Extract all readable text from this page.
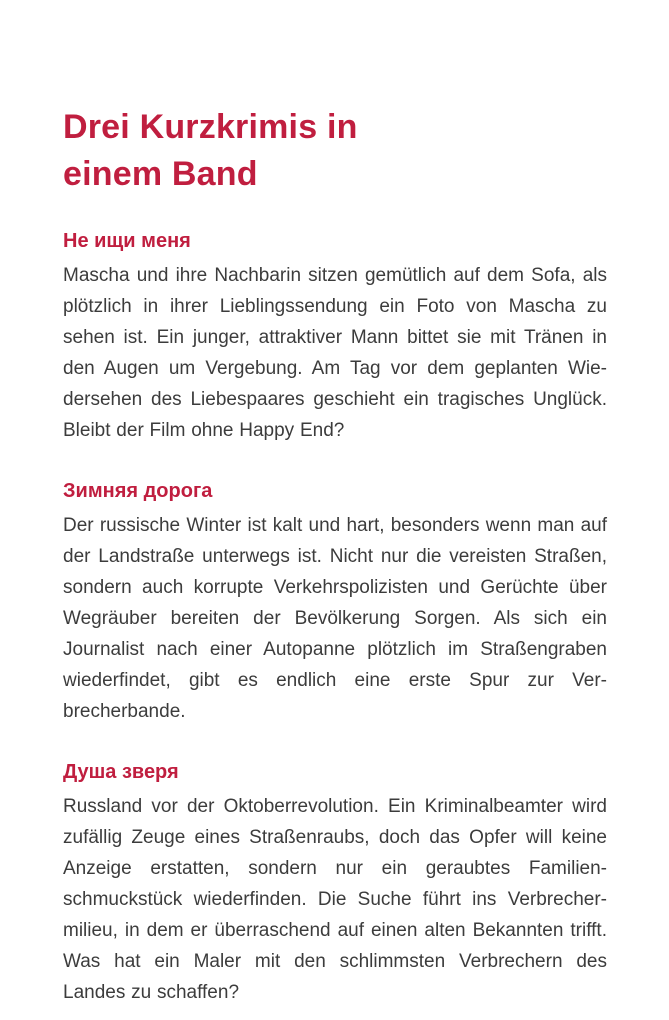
Drei Kurzkrimis in
einem Band
Не ищи меня

Mascha und ihre Nachbarin sitzen gemütlich auf dem Sofa, als plötzlich in ihrer Lieblingssendung ein Foto von Mascha zu sehen ist. Ein junger, attraktiver Mann bittet sie mit Tränen in den Augen um Vergebung. Am Tag vor dem geplanten Wiedersehen des Liebespaares geschieht ein tragisches Unglück. Bleibt der Film ohne Happy End?

Зимняя дорога

Der russische Winter ist kalt und hart, besonders wenn man auf der Landstraße unterwegs ist. Nicht nur die vereisten Straßen, sondern auch korrupte Verkehrspolizisten und Gerüchte über Wegräuber bereiten der Bevölkerung Sorgen. Als sich ein Journalist nach einer Autopanne plötzlich im Straßengraben wiederfindet, gibt es endlich eine erste Spur zur Verbrecherbande.

Душа зверя

Russland vor der Oktoberrevolution. Ein Kriminalbeamter wird zufällig Zeuge eines Straßenraubs, doch das Opfer will keine Anzeige erstatten, sondern nur ein geraubtes Familienschmuckstück wiederfinden. Die Suche führt ins Verbrechermilieu, in dem er überraschend auf einen alten Bekannten trifft. Was hat ein Maler mit den schlimmsten Verbrechern des Landes zu schaffen?
